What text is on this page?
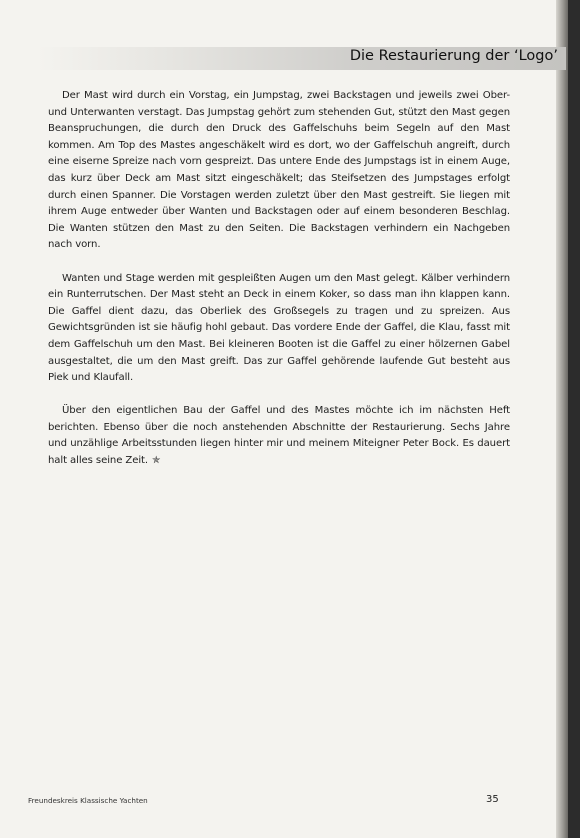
Die Restaurierung der ‘Logo’

Der Mast wird durch ein Vorstag, ein Jumpstag, zwei Backstagen und jeweils zwei Ober- und Unterwanten verstagt. Das Jumpstag gehört zum stehenden Gut, stützt den Mast gegen Beanspruchungen, die durch den Druck des Gaffelschuhs beim Segeln auf den Mast kommen. Am Top des Mastes angeschäkelt wird es dort, wo der Gaffelschuh angreift, durch eine eiserne Spreize nach vorn gespreizt. Das untere Ende des Jumpstags ist in einem Auge, das kurz über Deck am Mast sitzt eingeschäkelt; das Steifsetzen des Jumpstages erfolgt durch einen Spanner. Die Vorstagen werden zuletzt über den Mast gestreift. Sie liegen mit ihrem Auge entweder über Wanten und Backstagen oder auf einem besonderen Beschlag. Die Wanten stützen den Mast zu den Seiten. Die Backstagen verhindern ein Nachgeben nach vorn.

Wanten und Stage werden mit gespleißten Augen um den Mast gelegt. Kälber verhindern ein Runterrutschen. Der Mast steht an Deck in einem Koker, so dass man ihn klappen kann. Die Gaffel dient dazu, das Oberliek des Großsegels zu tragen und zu spreizen. Aus Gewichtsgründen ist sie häufig hohl gebaut. Das vordere Ende der Gaffel, die Klau, fasst mit dem Gaffelschuh um den Mast. Bei kleineren Booten ist die Gaffel zu einer hölzernen Gabel ausgestaltet, die um den Mast greift. Das zur Gaffel gehörende laufende Gut besteht aus Piek und Klaufall.

Über den eigentlichen Bau der Gaffel und des Mastes möchte ich im nächsten Heft berichten. Ebenso über die noch anstehenden Abschnitte der Restaurierung. Sechs Jahre und unzählige Arbeitsstunden liegen hinter mir und meinem Miteigner Peter Bock. Es dauert halt alles seine Zeit. ✯

Freundeskreis Klassische Yachten	35
